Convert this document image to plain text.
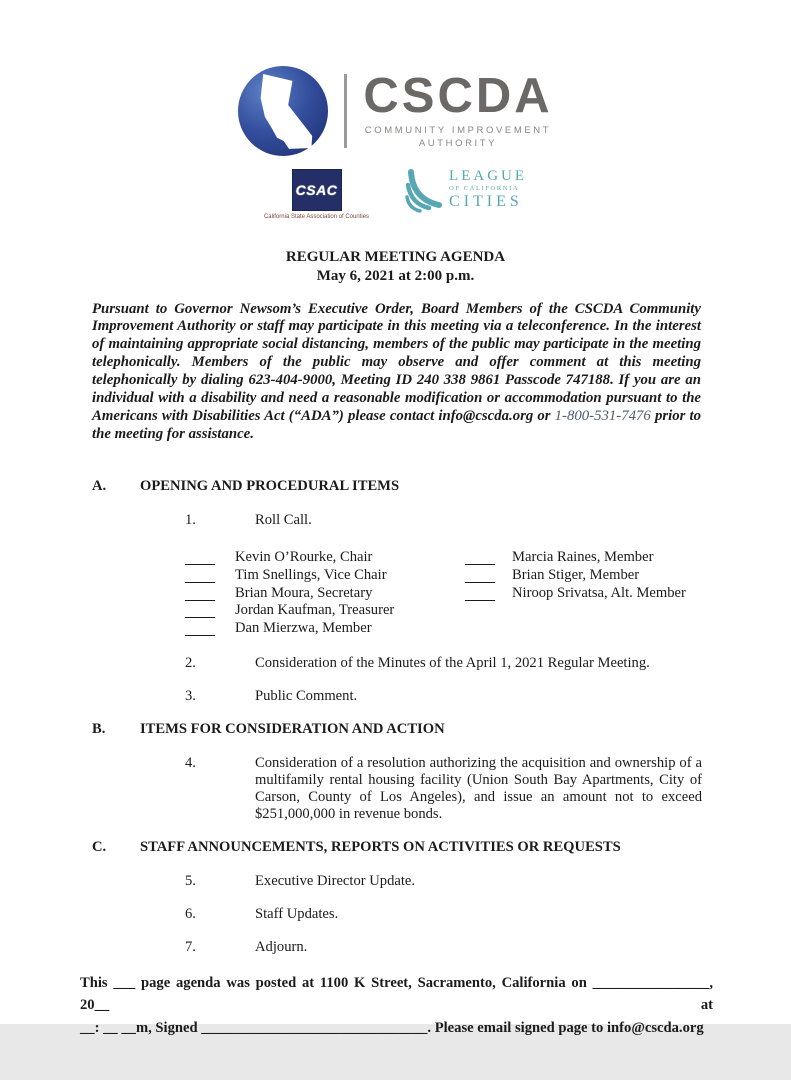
CSCDA
COMMUNITY IMPROVEMENT
AUTHORITY
CSAC
California State Association of Counties
LEAGUE
OF CALIFORNIA
CITIES
REGULAR MEETING AGENDA
May 6, 2021 at 2:00 p.m.
Pursuant to Governor Newsom’s Executive Order, Board Members of the CSCDA Community Improvement Authority or staff may participate in this meeting via a teleconference. In the interest of maintaining appropriate social distancing, members of the public may participate in the meeting telephonically. Members of the public may observe and offer comment at this meeting telephonically by dialing 623-404-9000, Meeting ID 240 338 9861 Passcode 747188. If you are an individual with a disability and need a reasonable modification or accommodation pursuant to the Americans with Disabilities Act (“ADA”) please contact info@cscda.org or 1-800-531-7476 prior to the meeting for assistance.
A.	OPENING AND PROCEDURAL ITEMS
1.	Roll Call.
Kevin O’Rourke, Chair	Marcia Raines, Member
Tim Snellings, Vice Chair	Brian Stiger, Member
Brian Moura, Secretary	Niroop Srivatsa, Alt. Member
Jordan Kaufman, Treasurer
Dan Mierzwa, Member
2.	Consideration of the Minutes of the April 1, 2021 Regular Meeting.
3.	Public Comment.
B.	ITEMS FOR CONSIDERATION AND ACTION
4.	Consideration of a resolution authorizing the acquisition and ownership of a multifamily rental housing facility (Union South Bay Apartments, City of Carson, County of Los Angeles), and issue an amount not to exceed $251,000,000 in revenue bonds.
C.	STAFF ANNOUNCEMENTS, REPORTS ON ACTIVITIES OR REQUESTS
5.	Executive Director Update.
6.	Staff Updates.
7.	Adjourn.
This ___ page agenda was posted at 1100 K Street, Sacramento, California on ________________, 20__ at
__: __ __m, Signed _______________________________. Please email signed page to info@cscda.org
